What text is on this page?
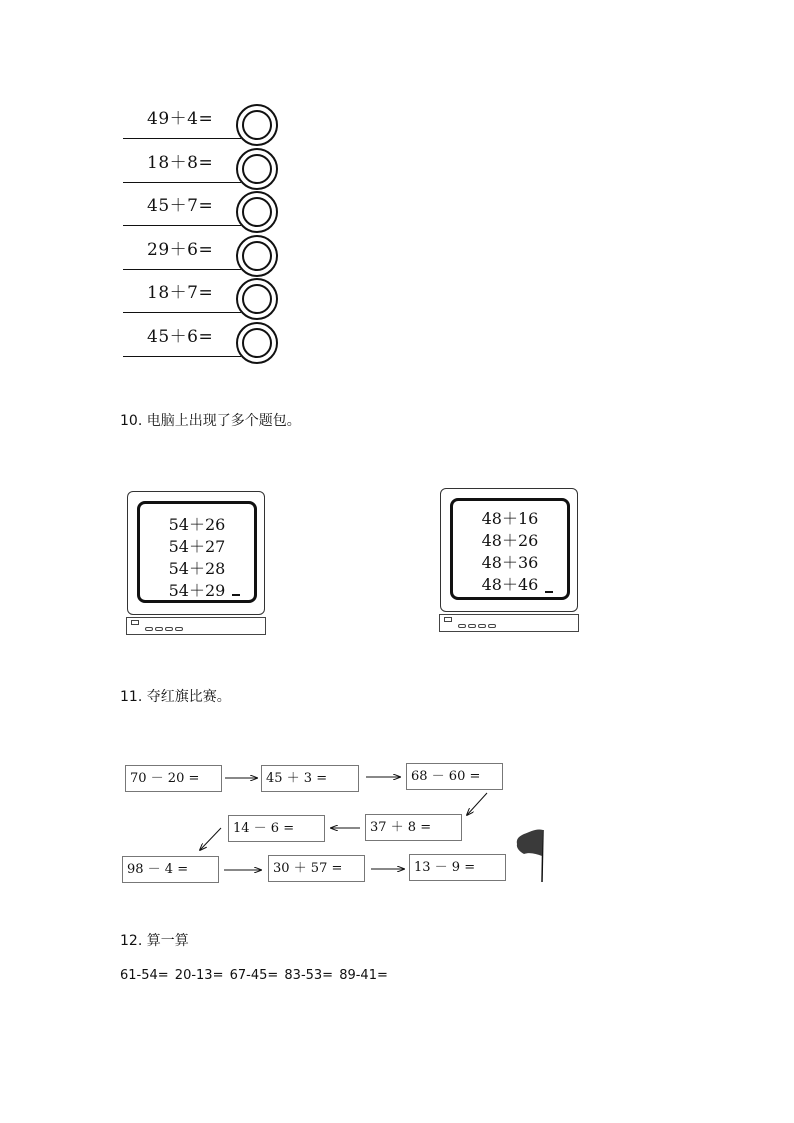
49＋4=
18＋8=
45＋7=
29＋6=
18＋7=
45＋6=
10. 电脑上出现了多个题包。
54＋26
54＋27
54＋28
54＋29
48＋16
48＋26
48＋36
48＋46
11. 夺红旗比赛。
70 － 20 =	45 ＋ 3 =	68 － 60 =
37 ＋ 8 =
14 － 6 =
98 － 4 =	30 ＋ 57 =	13 － 9 =
12. 算一算
61-54= 20-13= 67-45= 83-53= 89-41=
